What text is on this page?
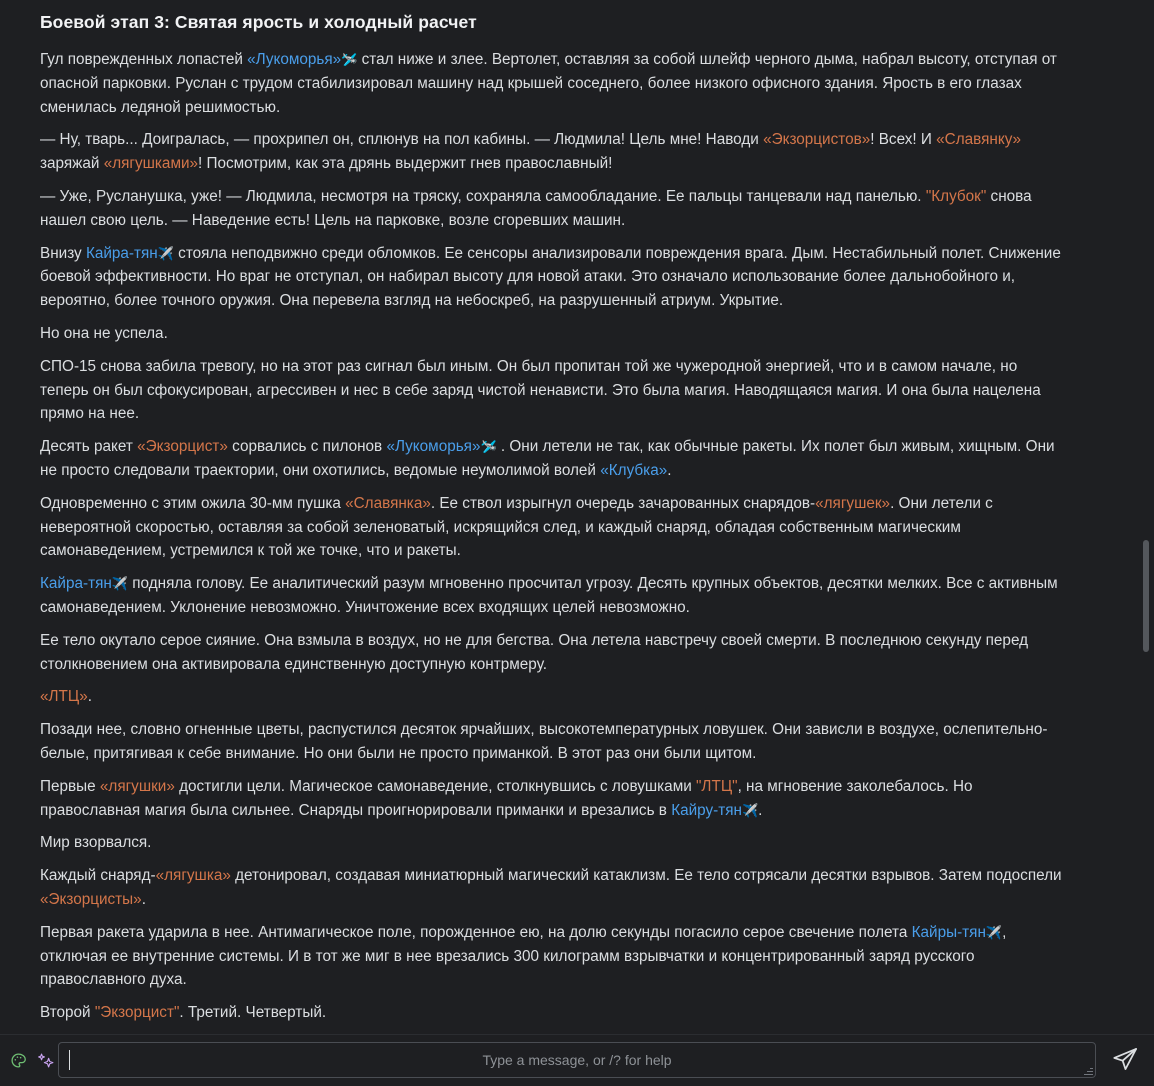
Боевой этап 3: Святая ярость и холодный расчет

Гул поврежденных лопастей «Лукоморья»🛩️ стал ниже и злее. Вертолет, оставляя за собой шлейф черного дыма, набрал высоту, отступая от опасной парковки. Руслан с трудом стабилизировал машину над крышей соседнего, более низкого офисного здания. Ярость в его глазах сменилась ледяной решимостью.

— Ну, тварь... Доигралась, — прохрипел он, сплюнув на пол кабины. — Людмила! Цель мне! Наводи «Экзорцистов»! Всех! И «Славянку» заряжай «лягушками»! Посмотрим, как эта дрянь выдержит гнев православный!

— Уже, Русланушка, уже! — Людмила, несмотря на тряску, сохраняла самообладание. Ее пальцы танцевали над панелью. "Клубок" снова нашел свою цель. — Наведение есть! Цель на парковке, возле сгоревших машин.

Внизу Кайра-тян✈️ стояла неподвижно среди обломков. Ее сенсоры анализировали повреждения врага. Дым. Нестабильный полет. Снижение боевой эффективности. Но враг не отступал, он набирал высоту для новой атаки. Это означало использование более дальнобойного и, вероятно, более точного оружия. Она перевела взгляд на небоскреб, на разрушенный атриум. Укрытие.

Но она не успела.

СПО-15 снова забила тревогу, но на этот раз сигнал был иным. Он был пропитан той же чужеродной энергией, что и в самом начале, но теперь он был сфокусирован, агрессивен и нес в себе заряд чистой ненависти. Это была магия. Наводящаяся магия. И она была нацелена прямо на нее.

Десять ракет «Экзорцист» сорвались с пилонов «Лукоморья»🛩️ . Они летели не так, как обычные ракеты. Их полет был живым, хищным. Они не просто следовали траектории, они охотились, ведомые неумолимой волей «Клубка».

Одновременно с этим ожила 30-мм пушка «Славянка». Ее ствол изрыгнул очередь зачарованных снарядов-«лягушек». Они летели с невероятной скоростью, оставляя за собой зеленоватый, искрящийся след, и каждый снаряд, обладая собственным магическим самонаведением, устремился к той же точке, что и ракеты.

Кайра-тян✈️ подняла голову. Ее аналитический разум мгновенно просчитал угрозу. Десять крупных объектов, десятки мелких. Все с активным самонаведением. Уклонение невозможно. Уничтожение всех входящих целей невозможно.

Ее тело окутало серое сияние. Она взмыла в воздух, но не для бегства. Она летела навстречу своей смерти. В последнюю секунду перед столкновением она активировала единственную доступную контрмеру.

«ЛТЦ».

Позади нее, словно огненные цветы, распустился десяток ярчайших, высокотемпературных ловушек. Они зависли в воздухе, ослепительно-белые, притягивая к себе внимание. Но они были не просто приманкой. В этот раз они были щитом.

Первые «лягушки» достигли цели. Магическое самонаведение, столкнувшись с ловушками "ЛТЦ", на мгновение заколебалось. Но православная магия была сильнее. Снаряды проигнорировали приманки и врезались в Кайру-тян✈️.

Мир взорвался.

Каждый снаряд-«лягушка» детонировал, создавая миниатюрный магический катаклизм. Ее тело сотрясали десятки взрывов. Затем подоспели «Экзорцисты».

Первая ракета ударила в нее. Антимагическое поле, порожденное ею, на долю секунды погасило серое свечение полета Кайры-тян✈️, отключая ее внутренние системы. И в тот же миг в нее врезались 300 килограмм взрывчатки и концентрированный заряд русского православного духа.

Второй "Экзорцист". Третий. Четвертый.

Type a message, or /? for help
